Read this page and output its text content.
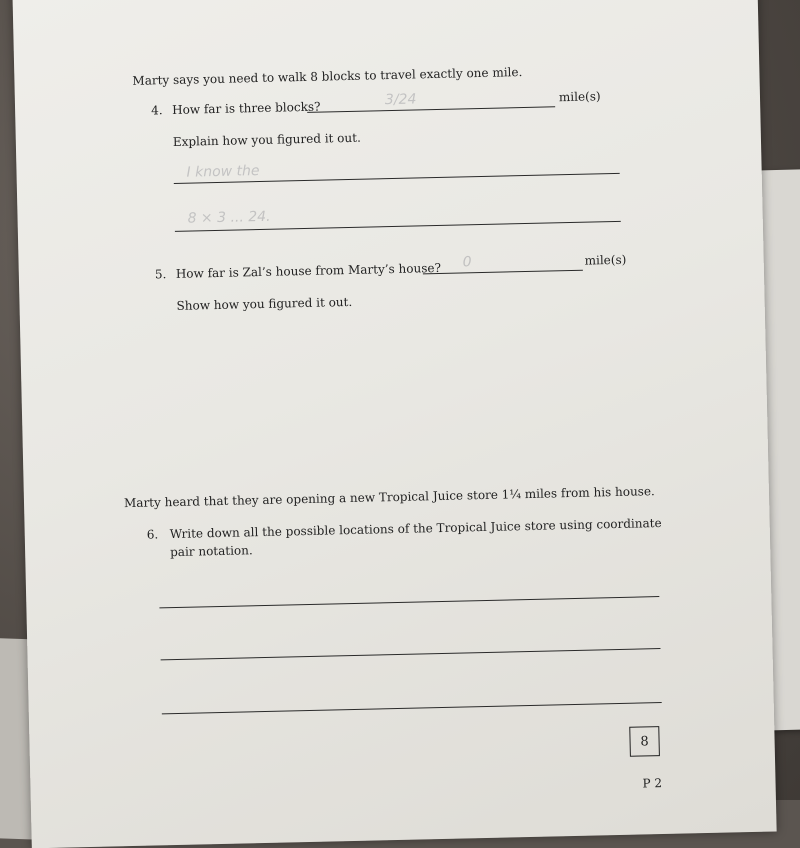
Marty says you need to walk 8 blocks to travel exactly one mile.
4. How far is three blocks?	3/24	mile(s)
Explain how you figured it out.
I know the
8 × 3 ... 24.
5. How far is Zal’s house from Marty’s house? 0	mile(s)
Show how you figured it out.
Marty heard that they are opening a new Tropical Juice store 1¼ miles from his house.
6. Write down all the possible locations of the Tropical Juice store using coordinate
pair notation.
8
P 2
